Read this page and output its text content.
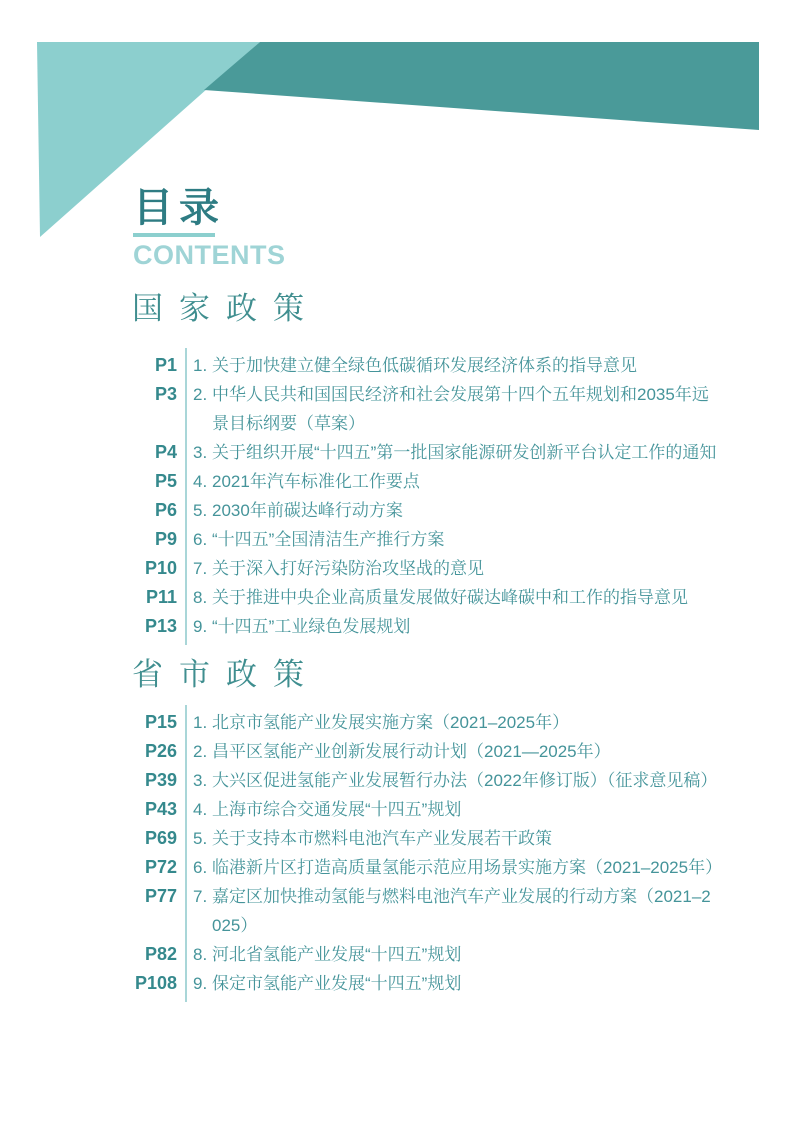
目录
CONTENTS
国家政策
P1 1. 关于加快建立健全绿色低碳循环发展经济体系的指导意见
P3 2. 中华人民共和国国民经济和社会发展第十四个五年规划和2035年远景目标纲要（草案）
P4 3. 关于组织开展“十四五”第一批国家能源研发创新平台认定工作的通知
P5 4. 2021年汽车标准化工作要点
P6 5. 2030年前碳达峰行动方案
P9 6. “十四五”全国清洁生产推行方案
P10 7. 关于深入打好污染防治攻坚战的意见
P11 8. 关于推进中央企业高质量发展做好碳达峰碳中和工作的指导意见
P13 9. “十四五”工业绿色发展规划
省市政策
P15 1. 北京市氢能产业发展实施方案（2021–2025年）
P26 2. 昌平区氢能产业创新发展行动计划（2021—2025年）
P39 3. 大兴区促进氢能产业发展暂行办法（2022年修订版）（征求意见稿）
P43 4. 上海市综合交通发展“十四五”规划
P69 5. 关于支持本市燃料电池汽车产业发展若干政策
P72 6. 临港新片区打造高质量氢能示范应用场景实施方案（2021–2025年）
P77 7. 嘉定区加快推动氢能与燃料电池汽车产业发展的行动方案（2021–2025）
P82 8. 河北省氢能产业发展“十四五”规划
P108 9. 保定市氢能产业发展“十四五”规划
